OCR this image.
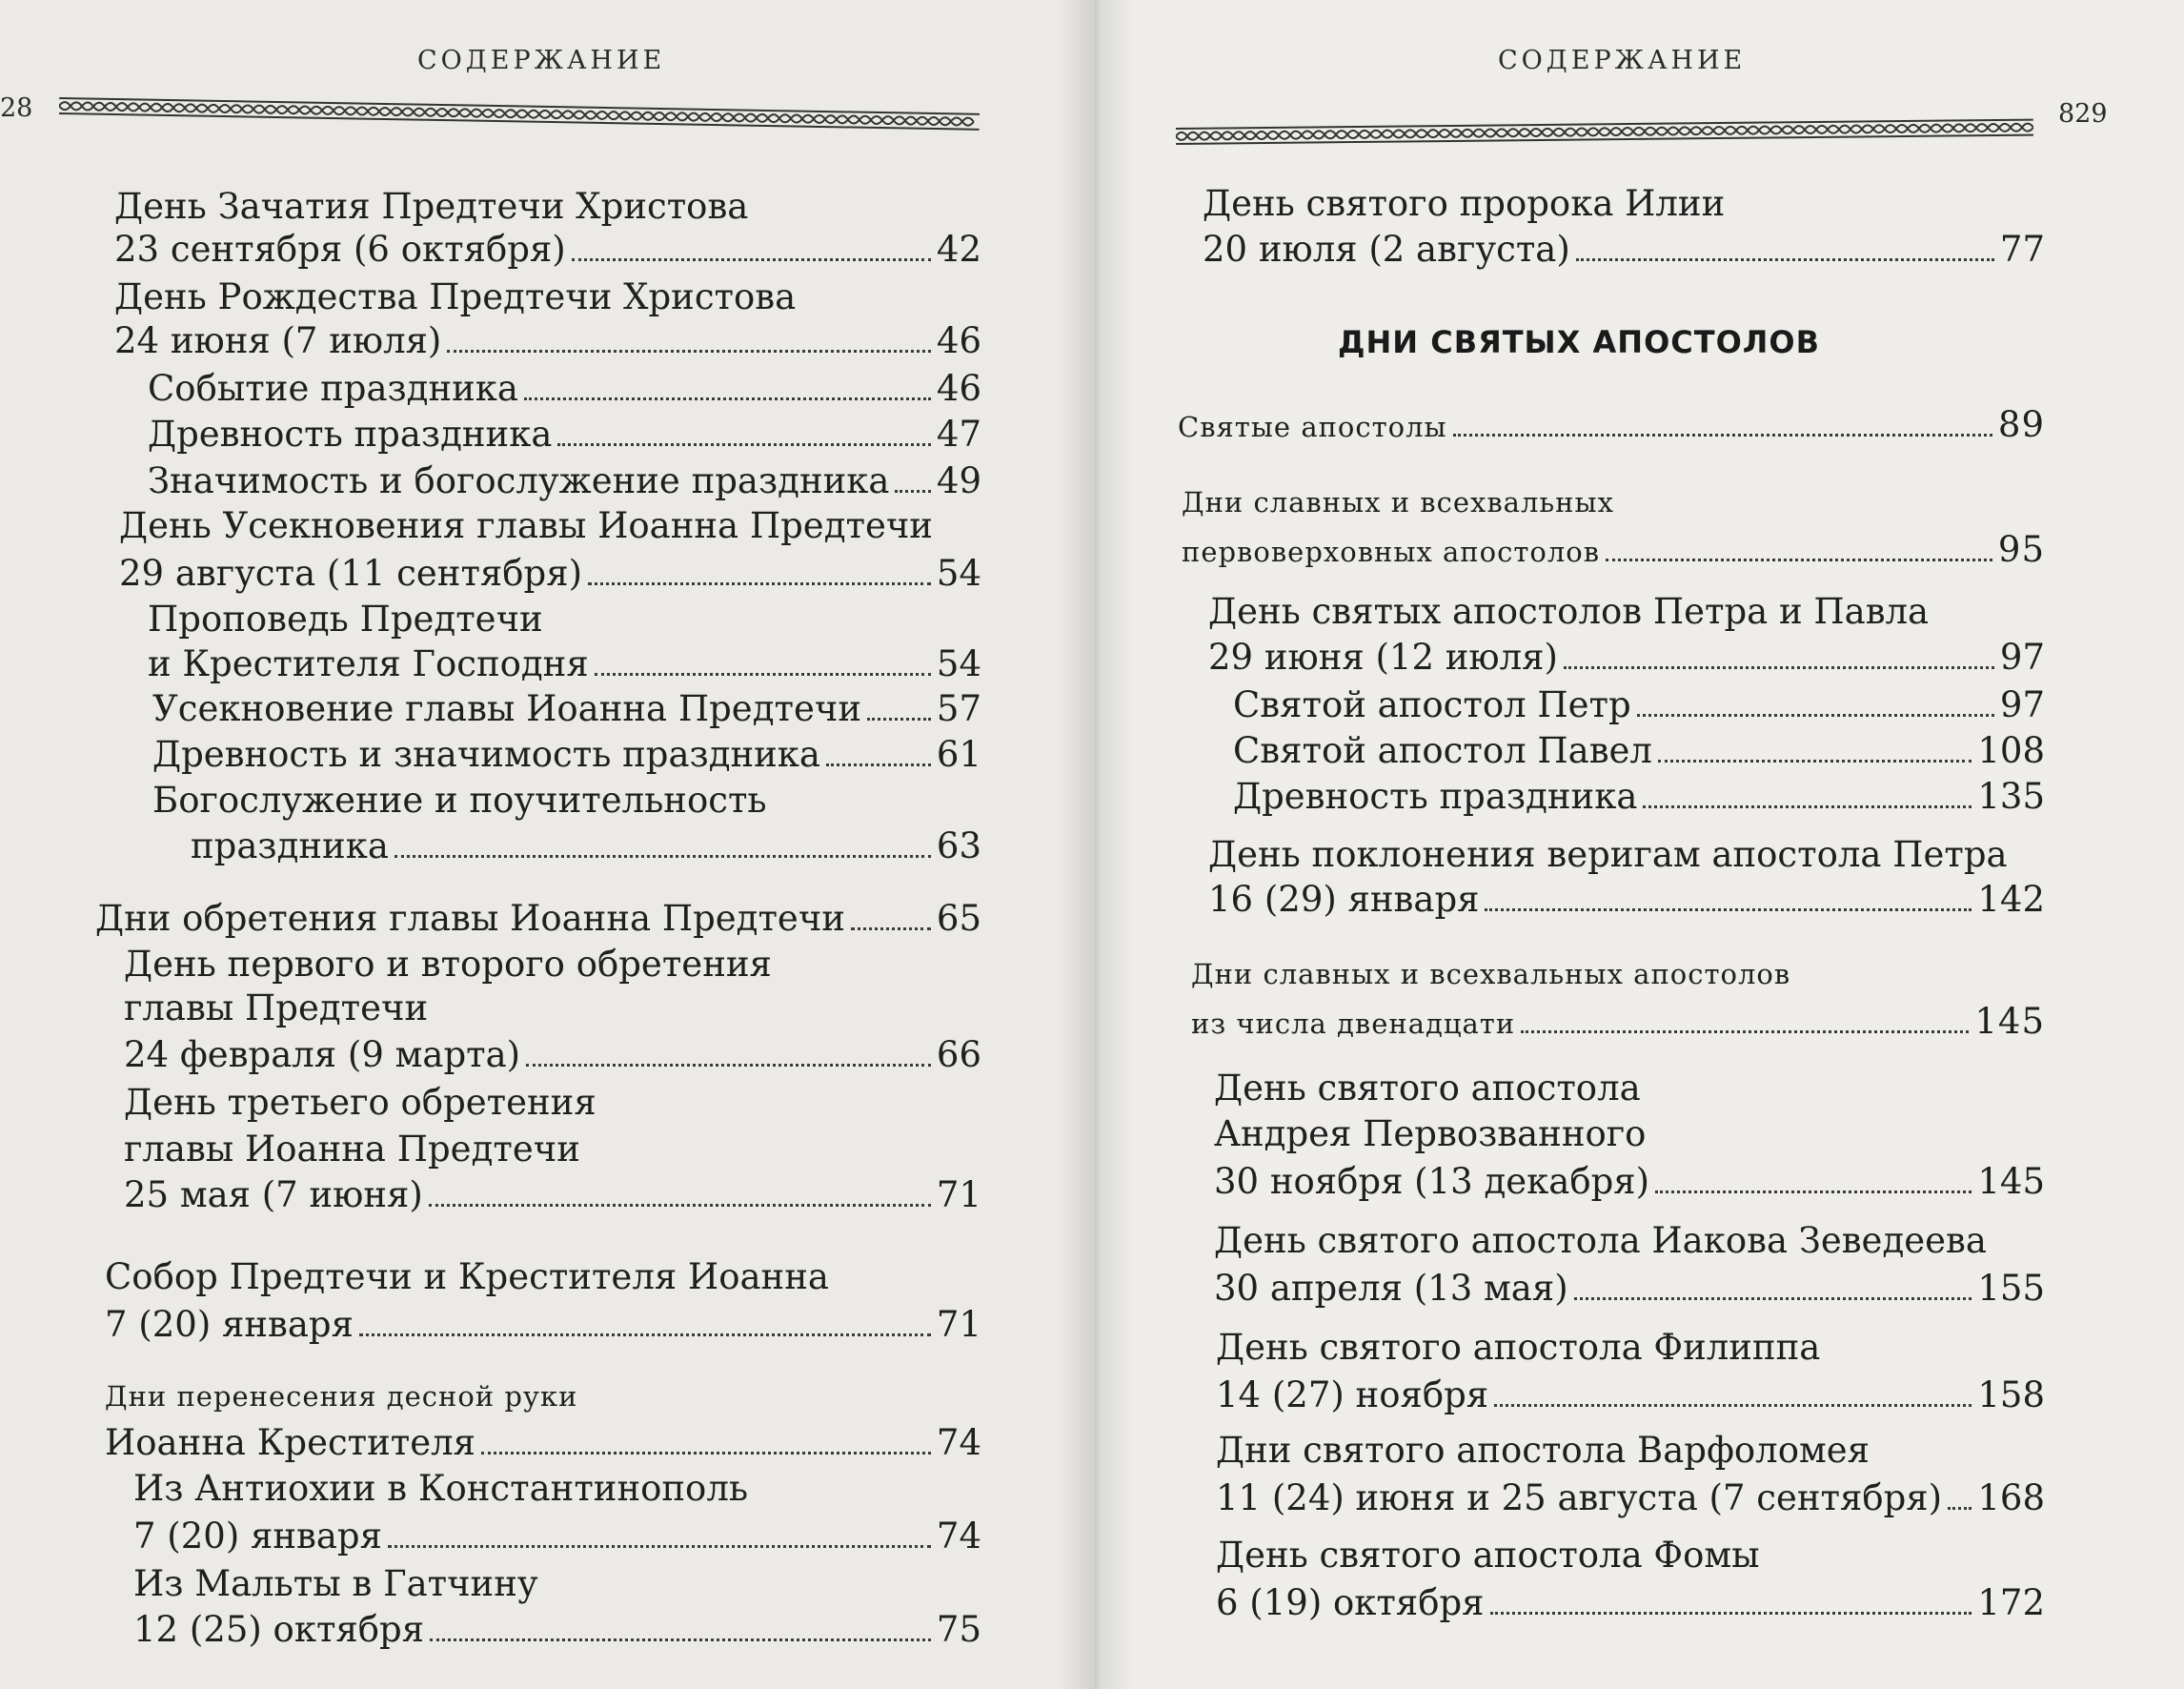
СОДЕРЖАНИЕ
28
День Зачатия Предтечи Христова
23 сентября (6 октября)	42
День Рождества Предтечи Христова
24 июня (7 июля)	46
Событие праздника	46
Древность праздника	47
Значимость и богослужение праздника 49
День Усекновения главы Иоанна Предтечи
29 августа (11 сентября)	54
Проповедь Предтечи
и Крестителя Господня	54
Усекновение главы Иоанна Предтечи 57
Древность и значимость праздника	61
Богослужение и поучительность
праздника	63
Дни обретения главы Иоанна Предтечи	65
День первого и второго обретения
главы Предтечи
24 февраля (9 марта)	66
День третьего обретения
главы Иоанна Предтечи
25 мая (7 июня)	71
Собор Предтечи и Крестителя Иоанна
7 (20) января	71
Дни перенесения десной руки
Иоанна Крестителя	74
Из Антиохии в Константинополь
7 (20) января	74
Из Мальты в Гатчину
12 (25) октября	75
СОДЕРЖАНИЕ
829
ДНИ СВЯТЫХ АПОСТОЛОВ
День святого пророка Илии
20 июля (2 августа)	77
Святые апостолы	89
Дни славных и всехвальных
первоверховных апостолов	95
День святых апостолов Петра и Павла
29 июня (12 июля)	97
Святой апостол Петр	97
Святой апостол Павел	108
Древность праздника	135
День поклонения веригам апостола Петра
16 (29) января	142
Дни славных и всехвальных апостолов
из числа двенадцати	145
День святого апостола
Андрея Первозванного
30 ноября (13 декабря)	145
День святого апостола Иакова Зеведеева
30 апреля (13 мая)	155
День святого апостола Филиппа
14 (27) ноября	158
Дни святого апостола Варфоломея
11 (24) июня и 25 августа (7 сентября) 168
День святого апостола Фомы
6 (19) октября	172
